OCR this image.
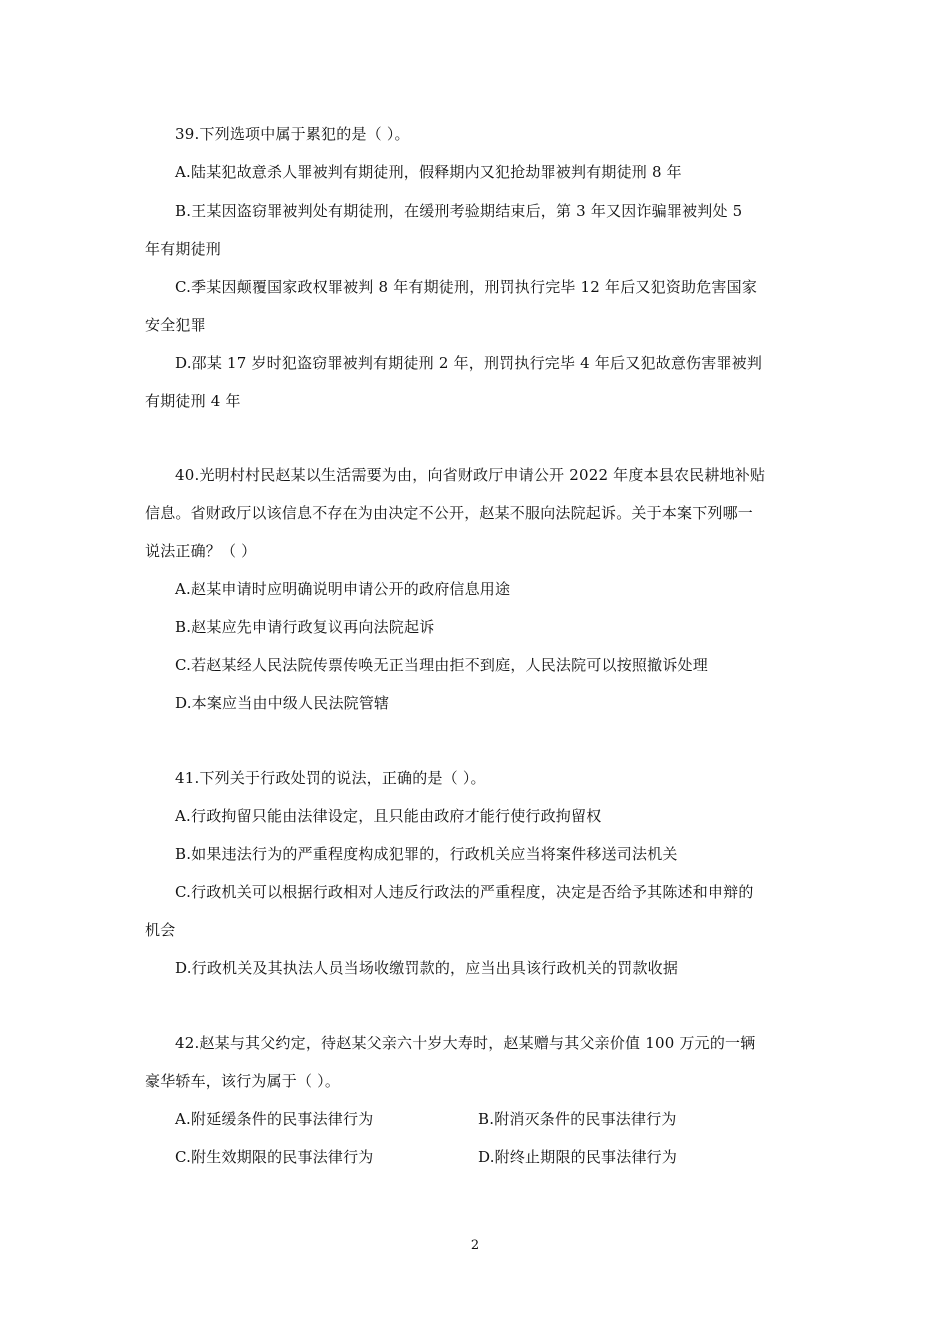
39.下列选项中属于累犯的是（ ）。
A.陆某犯故意杀人罪被判有期徒刑，假释期内又犯抢劫罪被判有期徒刑 8 年
B.王某因盗窃罪被判处有期徒刑，在缓刑考验期结束后，第 3 年又因诈骗罪被判处 5
年有期徒刑
C.季某因颠覆国家政权罪被判 8 年有期徒刑，刑罚执行完毕 12 年后又犯资助危害国家
安全犯罪
D.邵某 17 岁时犯盗窃罪被判有期徒刑 2 年，刑罚执行完毕 4 年后又犯故意伤害罪被判
有期徒刑 4 年
40.光明村村民赵某以生活需要为由，向省财政厅申请公开 2022 年度本县农民耕地补贴
信息。省财政厅以该信息不存在为由决定不公开，赵某不服向法院起诉。关于本案下列哪一
说法正确？（ ）
A.赵某申请时应明确说明申请公开的政府信息用途
B.赵某应先申请行政复议再向法院起诉
C.若赵某经人民法院传票传唤无正当理由拒不到庭，人民法院可以按照撤诉处理
D.本案应当由中级人民法院管辖
41.下列关于行政处罚的说法，正确的是（ ）。
A.行政拘留只能由法律设定，且只能由政府才能行使行政拘留权
B.如果违法行为的严重程度构成犯罪的，行政机关应当将案件移送司法机关
C.行政机关可以根据行政相对人违反行政法的严重程度，决定是否给予其陈述和申辩的
机会
D.行政机关及其执法人员当场收缴罚款的，应当出具该行政机关的罚款收据
42.赵某与其父约定，待赵某父亲六十岁大寿时，赵某赠与其父亲价值 100 万元的一辆
豪华轿车，该行为属于（ ）。
A.附延缓条件的民事法律行为	B.附消灭条件的民事法律行为
C.附生效期限的民事法律行为	D.附终止期限的民事法律行为
2
